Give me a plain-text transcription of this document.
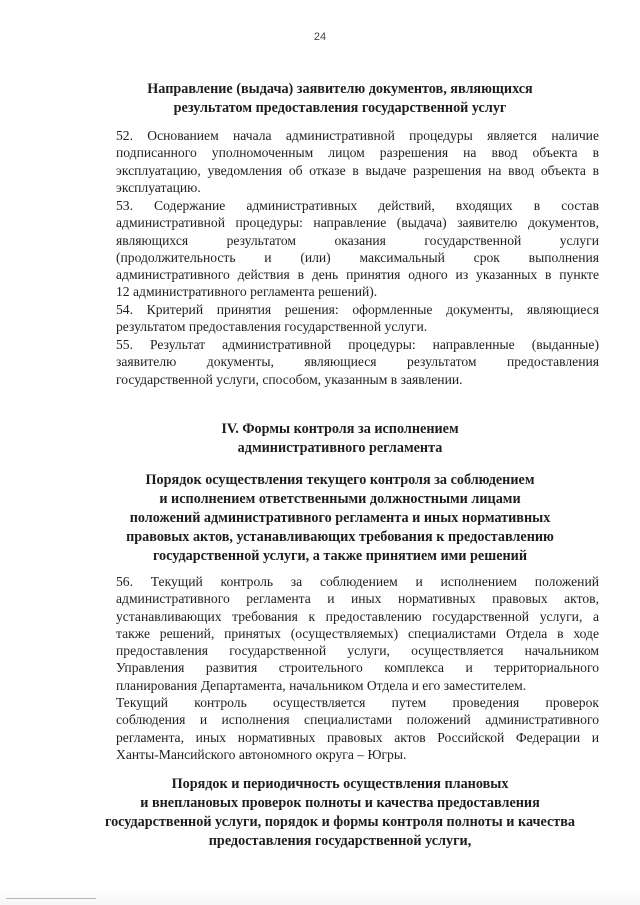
24
Направление (выдача) заявителю документов, являющихся
результатом предоставления государственной услуг
52. Основанием начала административной процедуры является наличие
подписанного уполномоченным лицом разрешения на ввод объекта в
эксплуатацию, уведомления об отказе в выдаче разрешения на ввод объекта в
эксплуатацию.
53. Содержание административных действий, входящих в состав
административной процедуры: направление (выдача) заявителю документов,
являющихся результатом оказания государственной услуги
(продолжительность и (или) максимальный срок выполнения
административного действия в день принятия одного из указанных в пункте
12 административного регламента решений).
54. Критерий принятия решения: оформленные документы, являющиеся
результатом предоставления государственной услуги.
55. Результат административной процедуры: направленные (выданные)
заявителю документы, являющиеся результатом предоставления
государственной услуги, способом, указанным в заявлении.
IV. Формы контроля за исполнением
административного регламента
Порядок осуществления текущего контроля за соблюдением
и исполнением ответственными должностными лицами
положений административного регламента и иных нормативных
правовых актов, устанавливающих требования к предоставлению
государственной услуги, а также принятием ими решений
56. Текущий контроль за соблюдением и исполнением положений
административного регламента и иных нормативных правовых актов,
устанавливающих требования к предоставлению государственной услуги, а
также решений, принятых (осуществляемых) специалистами Отдела в ходе
предоставления государственной услуги, осуществляется начальником
Управления развития строительного комплекса и территориального
планирования Департамента, начальником Отдела и его заместителем.
Текущий контроль осуществляется путем проведения проверок
соблюдения и исполнения специалистами положений административного
регламента, иных нормативных правовых актов Российской Федерации и
Ханты-Мансийского автономного округа – Югры.
Порядок и периодичность осуществления плановых
и внеплановых проверок полноты и качества предоставления
государственной услуги, порядок и формы контроля полноты и качества
предоставления государственной услуги,
